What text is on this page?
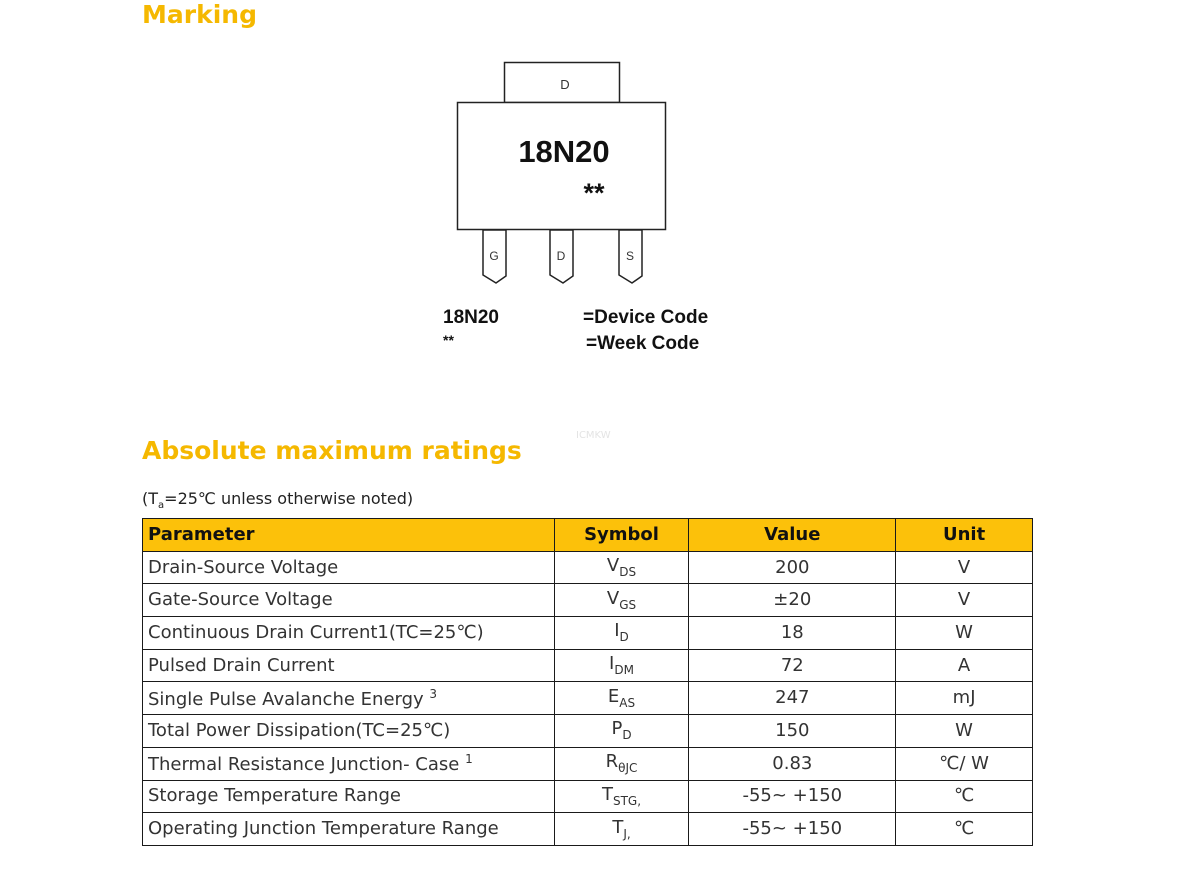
Marking
D
18N20
**
G	D	S
18N20	=Device Code
**	=Week Code
ICMKW
Absolute maximum ratings
($T_a=25℃$ unless otherwise noted)
Parameter	Symbol	Value	Unit
Drain-Source Voltage	$V_{DS}$	200	V
Gate-Source Voltage	$V_{GS}$	±20	V
Continuous Drain Current1(TC=25℃)	$I_D$	18	W
Pulsed Drain Current	$I_{DM}$	72	A
Single Pulse Avalanche Energy $^3$	$E_{AS}$	247	mJ
Total Power Dissipation(TC=25℃)	$P_D$	150	W
Thermal Resistance Junction- Case $^1$	$R_{\theta JC}$	0.83	℃/ W
Storage Temperature Range	$T_{STG,}$	-55~ +150	℃
Operating Junction Temperature Range	$T_{J,}$	-55~ +150	℃
